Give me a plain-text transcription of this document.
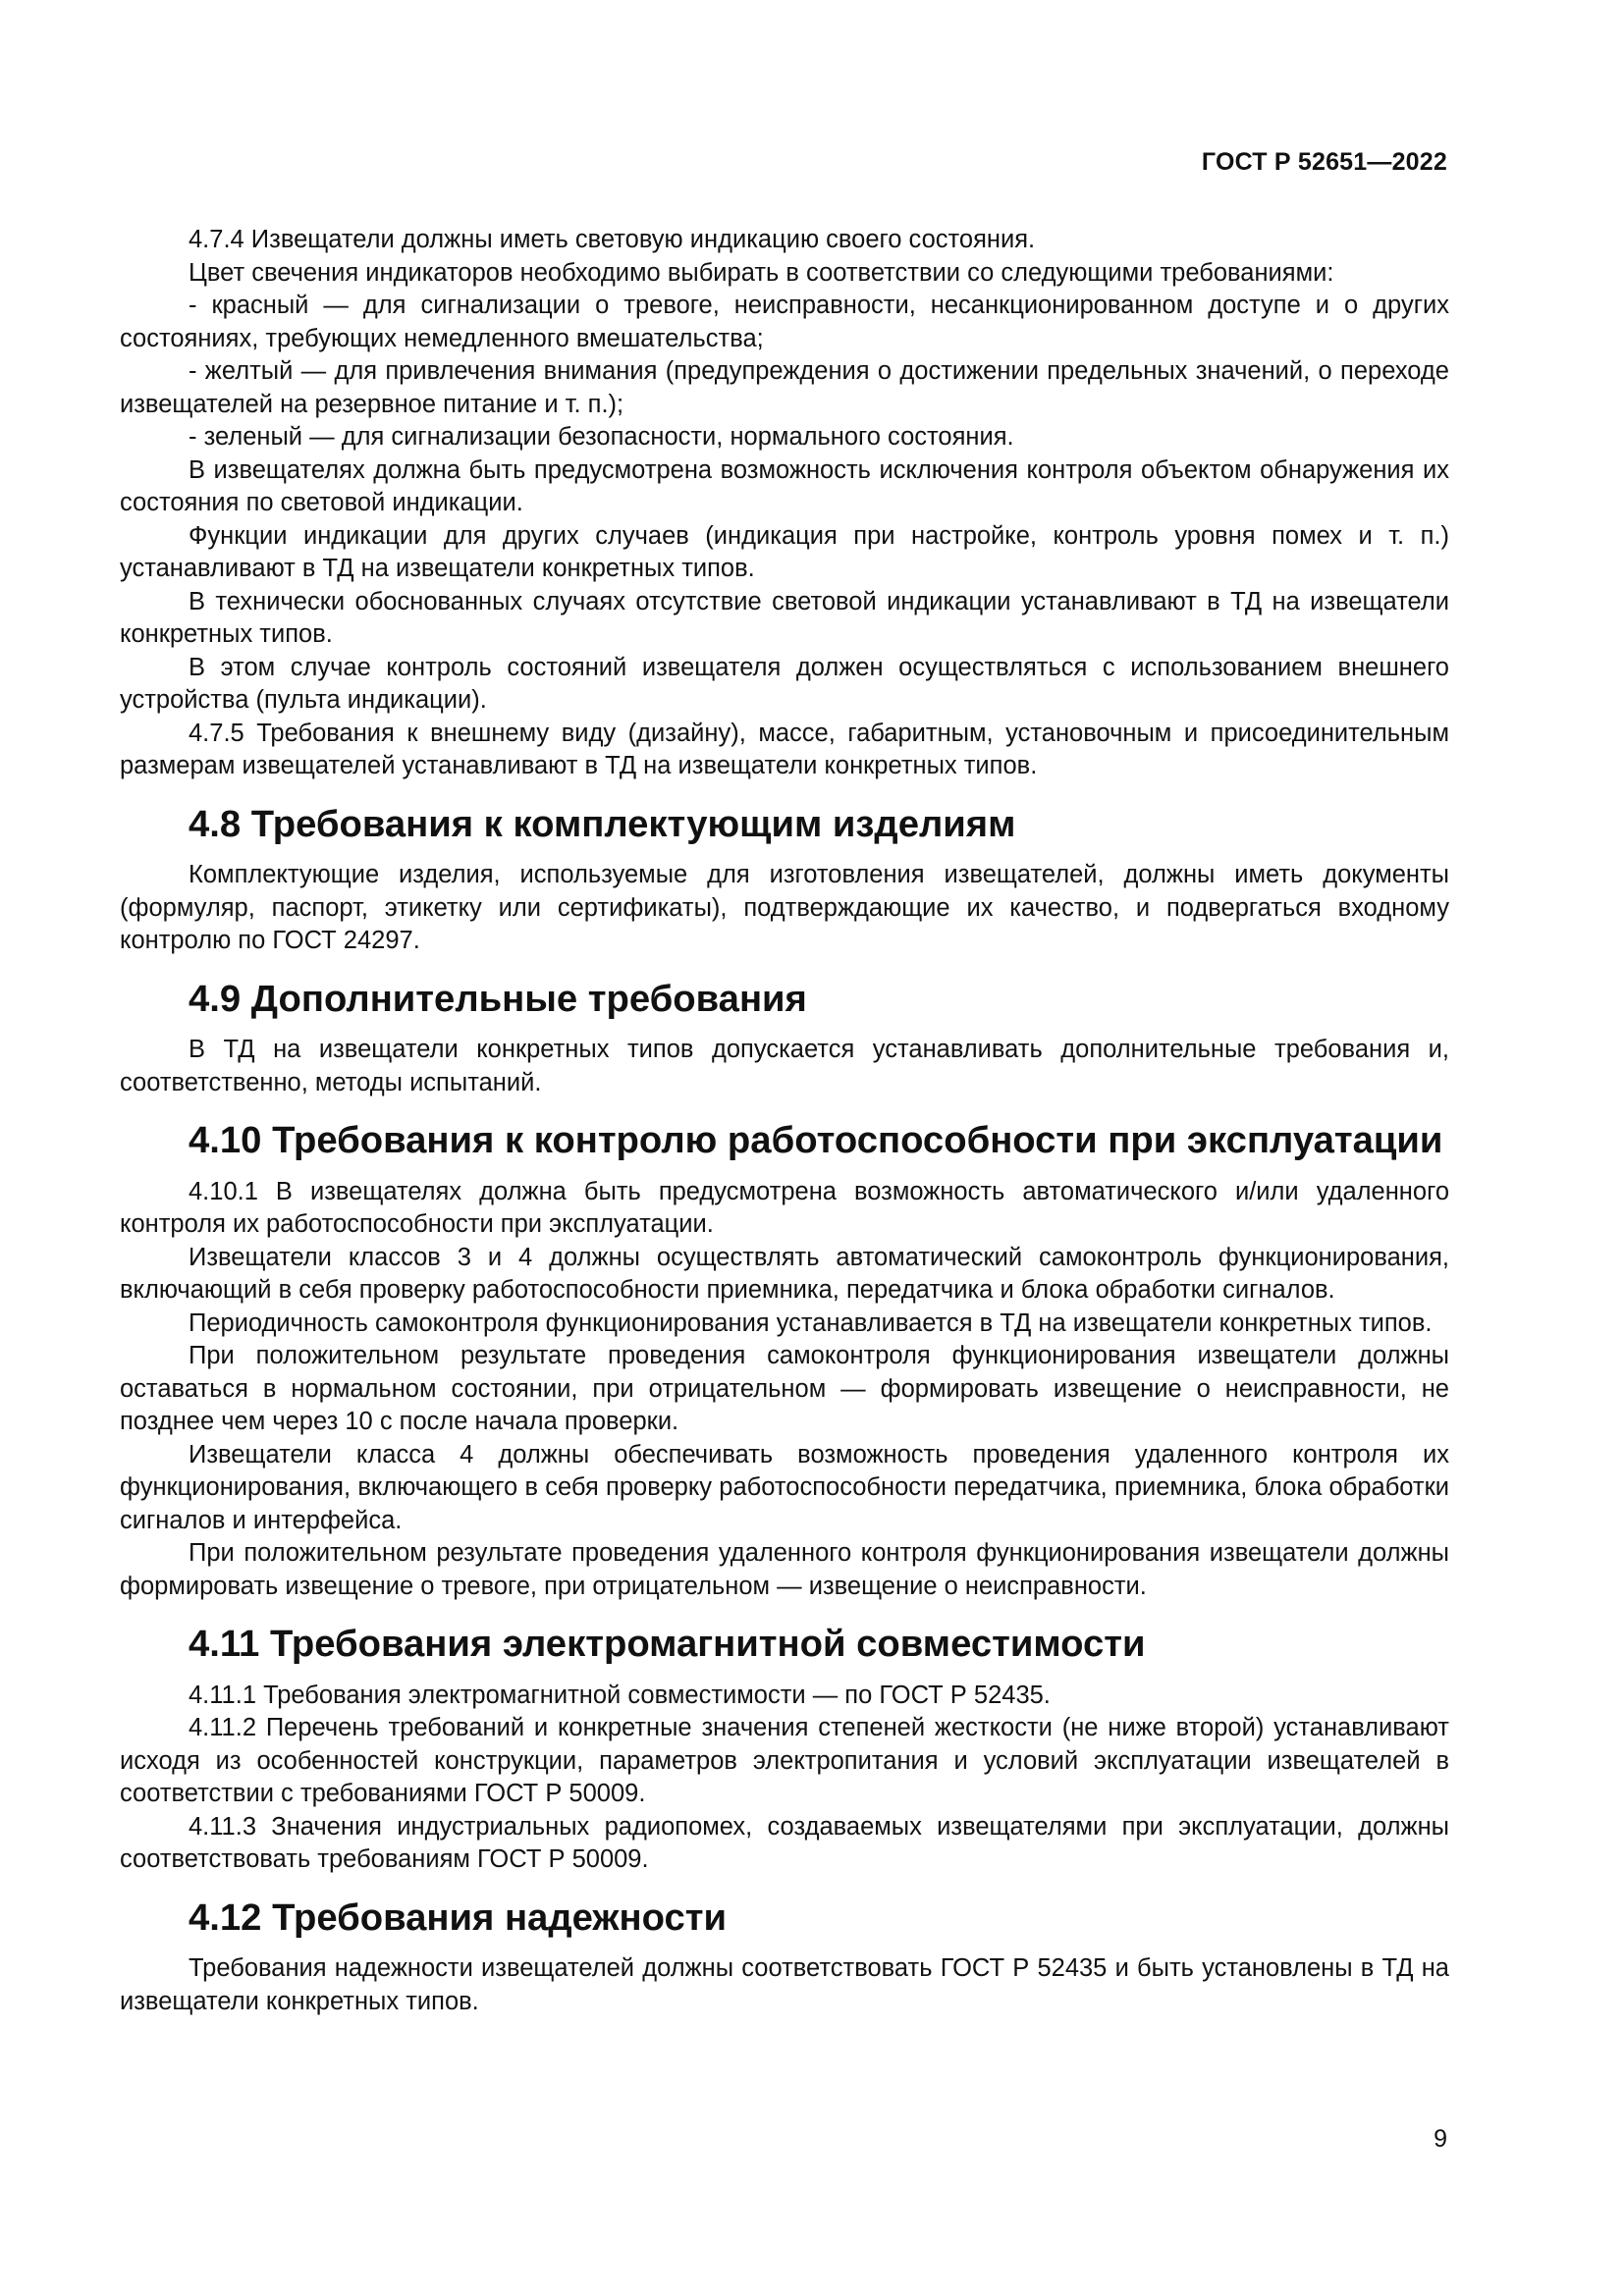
ГОСТ Р 52651—2022

4.7.4 Извещатели должны иметь световую индикацию своего состояния.

Цвет свечения индикаторов необходимо выбирать в соответствии со следующими требованиями:

- красный — для сигнализации о тревоге, неисправности, несанкционированном доступе и о других состояниях, требующих немедленного вмешательства;

- желтый — для привлечения внимания (предупреждения о достижении предельных значений, о переходе извещателей на резервное питание и т. п.);

- зеленый — для сигнализации безопасности, нормального состояния.

В извещателях должна быть предусмотрена возможность исключения контроля объектом обнаружения их состояния по световой индикации.

Функции индикации для других случаев (индикация при настройке, контроль уровня помех и т. п.) устанавливают в ТД на извещатели конкретных типов.

В технически обоснованных случаях отсутствие световой индикации устанавливают в ТД на извещатели конкретных типов.

В этом случае контроль состояний извещателя должен осуществляться с использованием внешнего устройства (пульта индикации).

4.7.5 Требования к внешнему виду (дизайну), массе, габаритным, установочным и присоединительным размерам извещателей устанавливают в ТД на извещатели конкретных типов.

4.8 Требования к комплектующим изделиям

Комплектующие изделия, используемые для изготовления извещателей, должны иметь документы (формуляр, паспорт, этикетку или сертификаты), подтверждающие их качество, и подвергаться входному контролю по ГОСТ 24297.

4.9 Дополнительные требования

В ТД на извещатели конкретных типов допускается устанавливать дополнительные требования и, соответственно, методы испытаний.

4.10 Требования к контролю работоспособности при эксплуатации

4.10.1 В извещателях должна быть предусмотрена возможность автоматического и/или удаленного контроля их работоспособности при эксплуатации.

Извещатели классов 3 и 4 должны осуществлять автоматический самоконтроль функционирования, включающий в себя проверку работоспособности приемника, передатчика и блока обработки сигналов.

Периодичность самоконтроля функционирования устанавливается в ТД на извещатели конкретных типов.

При положительном результате проведения самоконтроля функционирования извещатели должны оставаться в нормальном состоянии, при отрицательном — формировать извещение о неисправности, не позднее чем через 10 с после начала проверки.

Извещатели класса 4 должны обеспечивать возможность проведения удаленного контроля их функционирования, включающего в себя проверку работоспособности передатчика, приемника, блока обработки сигналов и интерфейса.

При положительном результате проведения удаленного контроля функционирования извещатели должны формировать извещение о тревоге, при отрицательном — извещение о неисправности.

4.11 Требования электромагнитной совместимости

4.11.1 Требования электромагнитной совместимости — по ГОСТ Р 52435.

4.11.2 Перечень требований и конкретные значения степеней жесткости (не ниже второй) устанавливают исходя из особенностей конструкции, параметров электропитания и условий эксплуатации извещателей в соответствии с требованиями ГОСТ Р 50009.

4.11.3 Значения индустриальных радиопомех, создаваемых извещателями при эксплуатации, должны соответствовать требованиям ГОСТ Р 50009.

4.12 Требования надежности

Требования надежности извещателей должны соответствовать ГОСТ Р 52435 и быть установлены в ТД на извещатели конкретных типов.

9
